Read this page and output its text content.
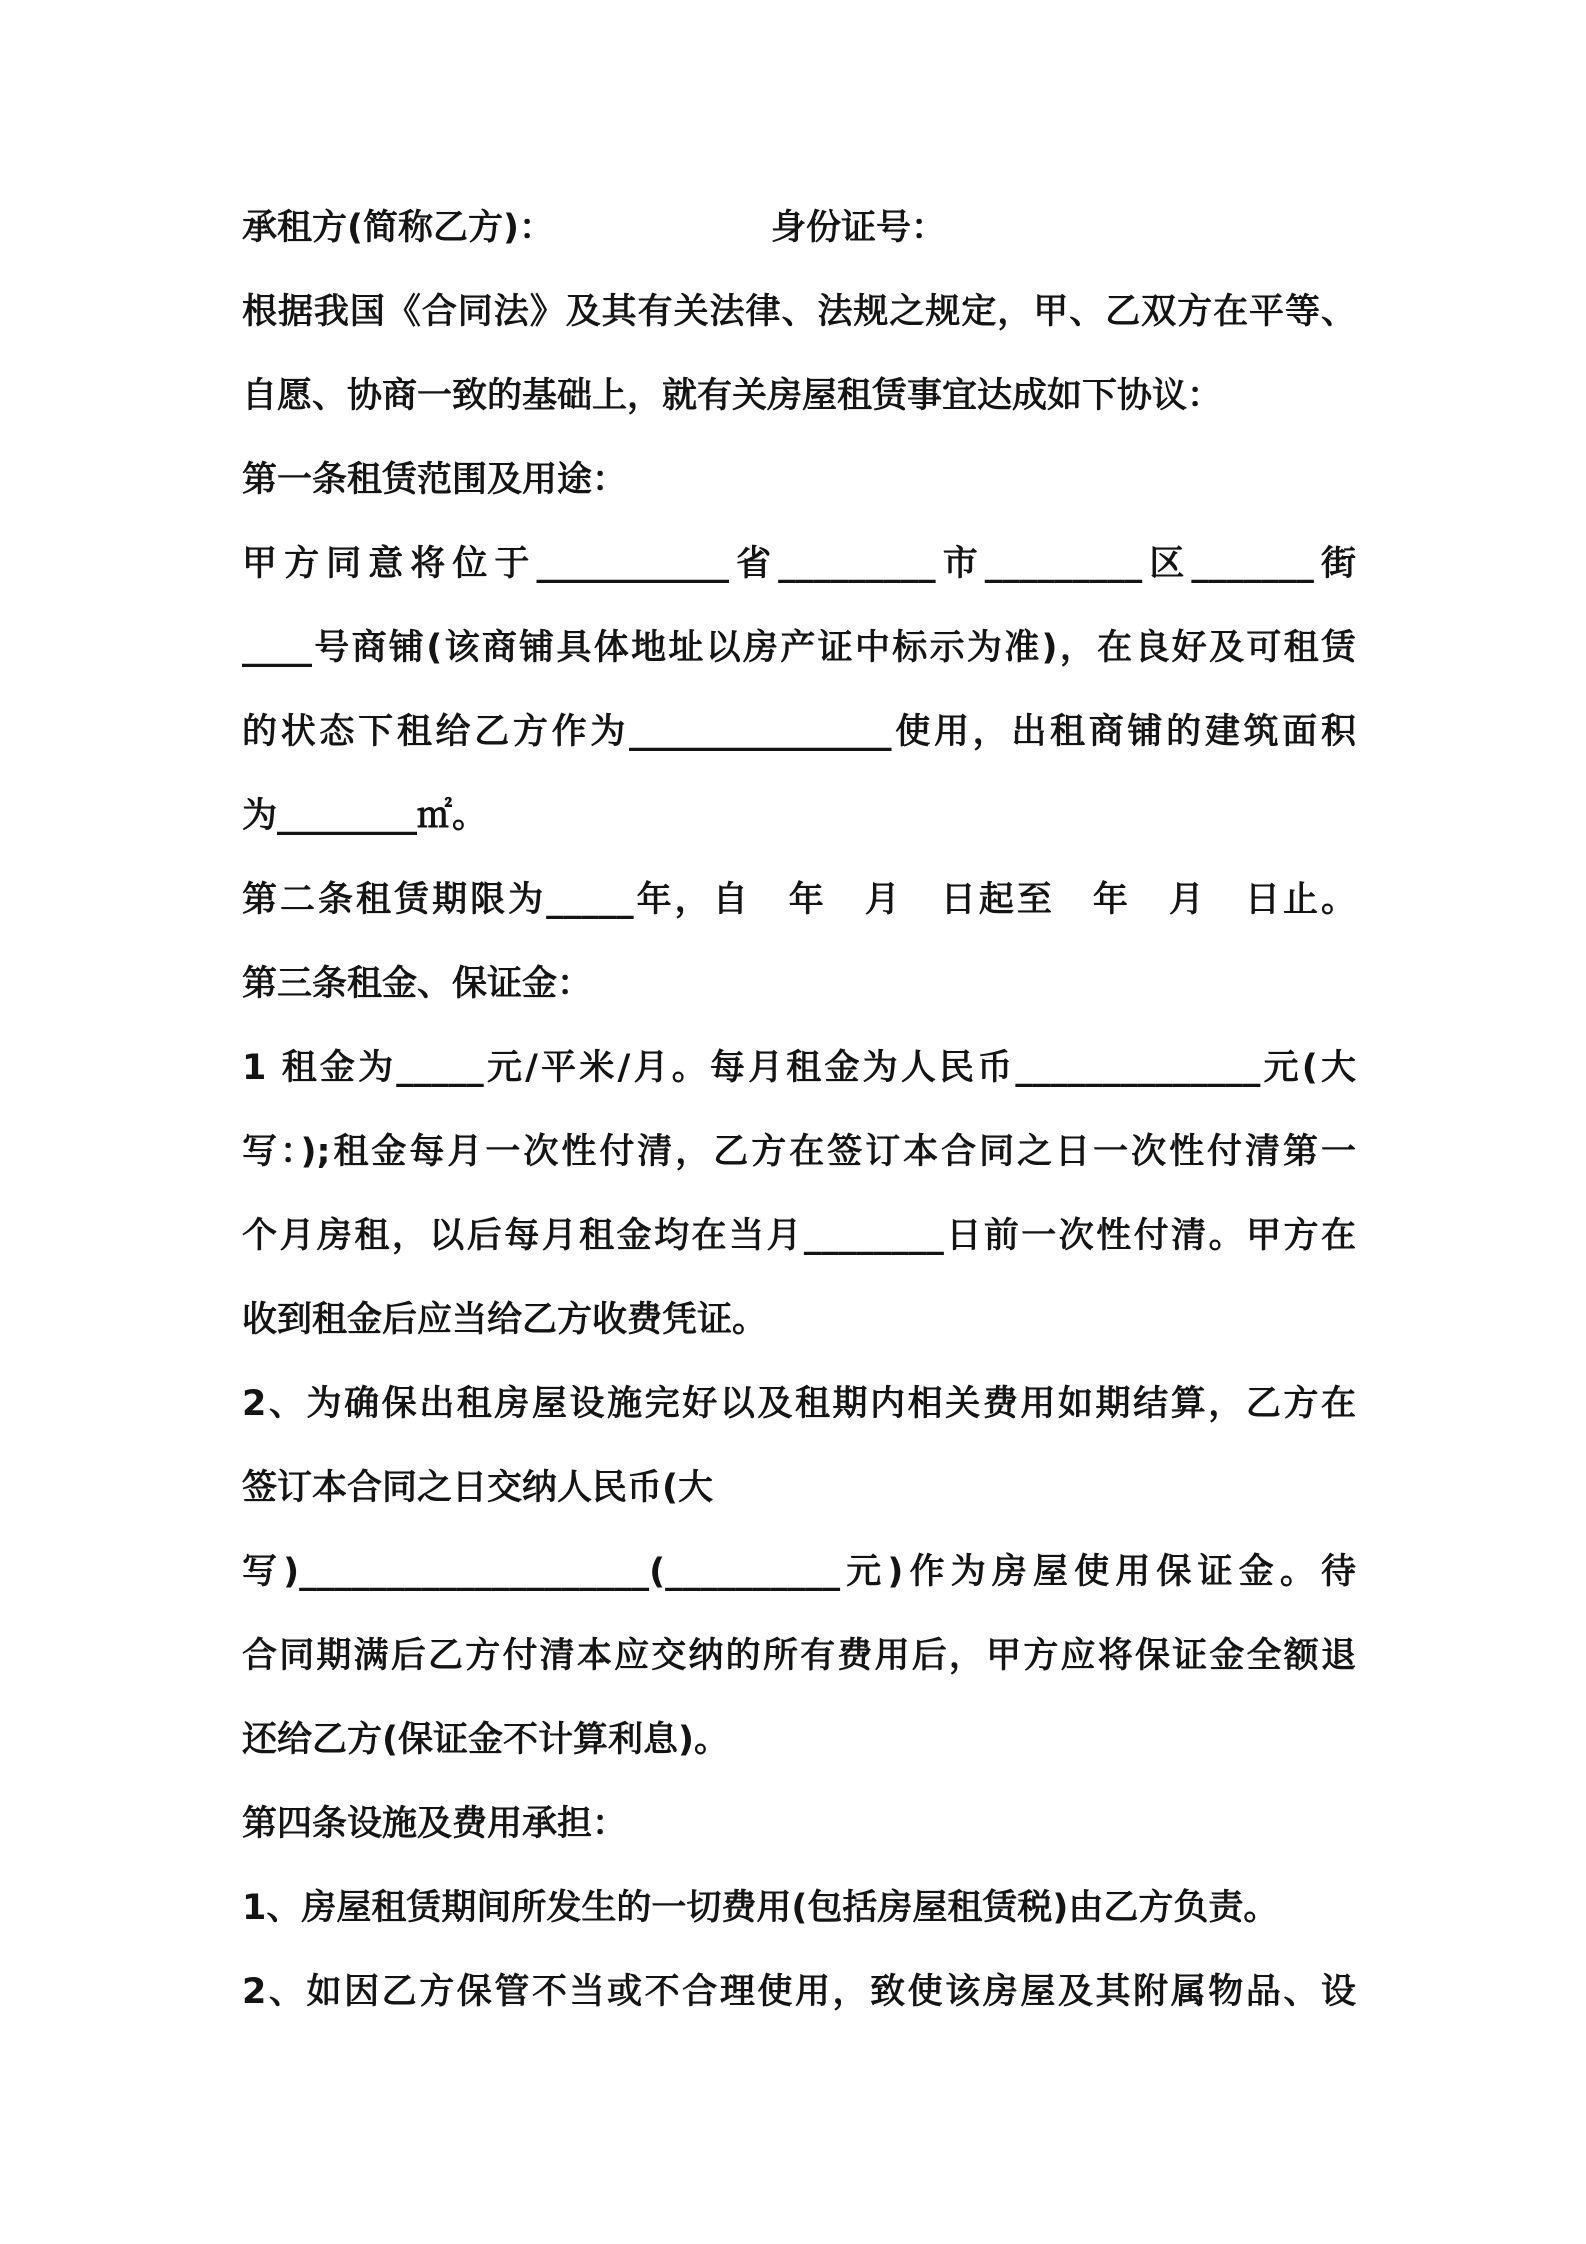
承租方(简称乙方)：	身份证号：
根据我国《合同法》及其有关法律、法规之规定，甲、乙双方在平等、
自愿、协商一致的基础上，就有关房屋租赁事宜达成如下协议：
第一条租赁范围及用途：
甲方同意将位于___________省_________市_________区_______街
____号商铺(该商铺具体地址以房产证中标示为准)，在良好及可租赁
的状态下租给乙方作为_______________使用，出租商铺的建筑面积
为________㎡。
第二条租赁期限为_____年，自　年　月　日起至　年　月　日止。
第三条租金、保证金：
1 租金为_____元/平米/月。每月租金为人民币______________元(大
写：);租金每月一次性付清，乙方在签订本合同之日一次性付清第一
个月房租，以后每月租金均在当月________日前一次性付清。甲方在
收到租金后应当给乙方收费凭证。
2、为确保出租房屋设施完好以及租期内相关费用如期结算，乙方在
签订本合同之日交纳人民币(大
写)____________________(__________元)作为房屋使用保证金。待
合同期满后乙方付清本应交纳的所有费用后，甲方应将保证金全额退
还给乙方(保证金不计算利息)。
第四条设施及费用承担：
1、房屋租赁期间所发生的一切费用(包括房屋租赁税)由乙方负责。
2、如因乙方保管不当或不合理使用，致使该房屋及其附属物品、设
